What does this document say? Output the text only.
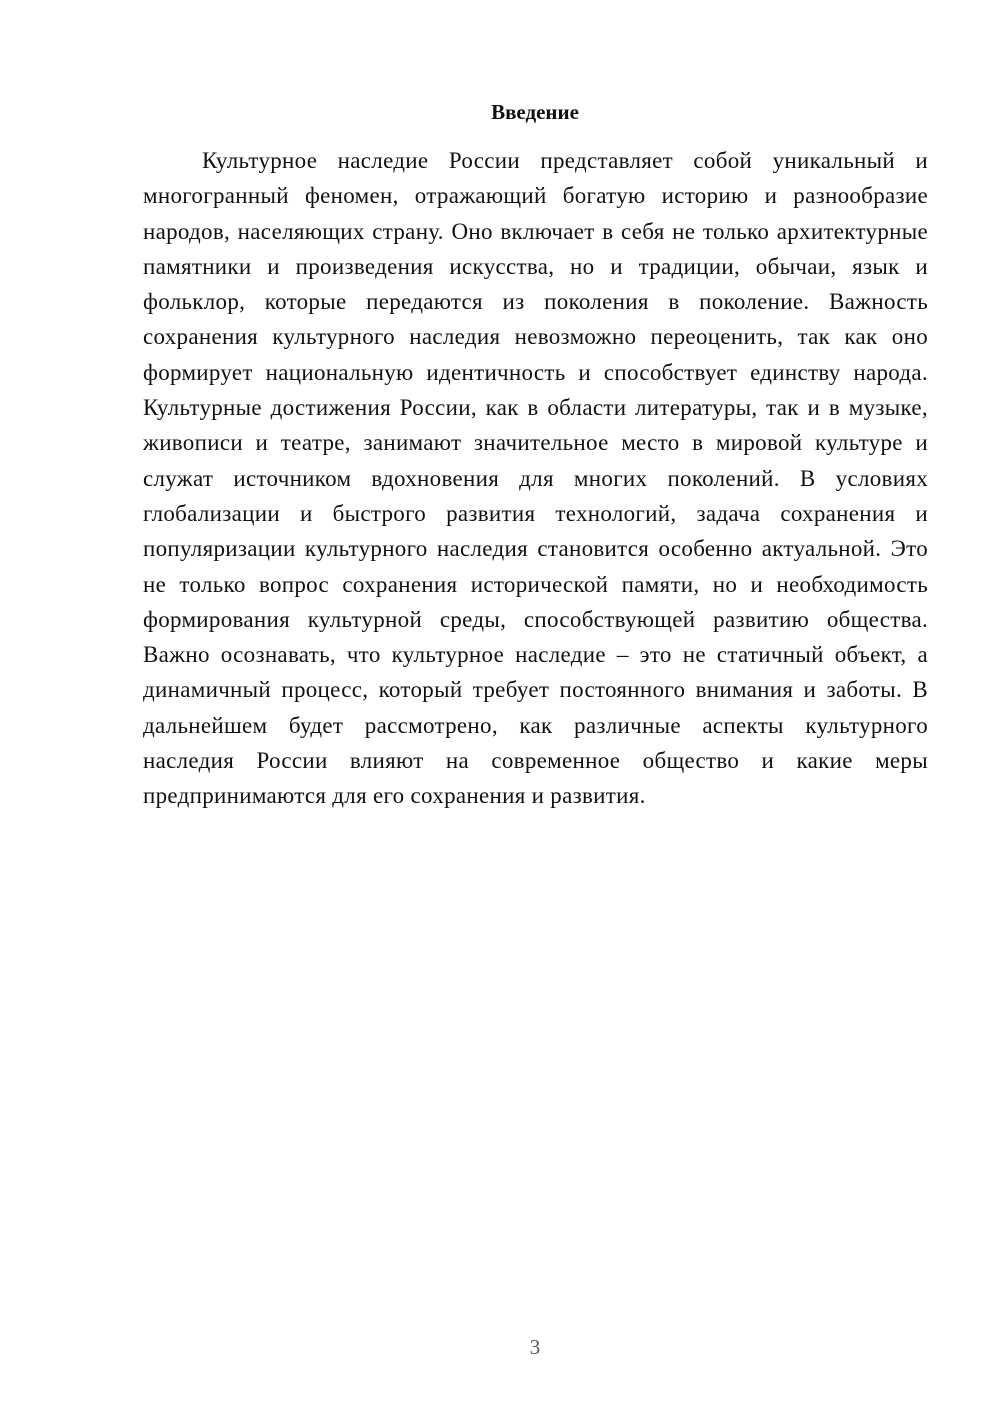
Введение

Культурное наследие России представляет собой уникальный и многогранный феномен, отражающий богатую историю и разнообразие народов, населяющих страну. Оно включает в себя не только архитектурные памятники и произведения искусства, но и традиции, обычаи, язык и фольклор, которые передаются из поколения в поколение. Важность сохранения культурного наследия невозможно переоценить, так как оно формирует национальную идентичность и способствует единству народа. Культурные достижения России, как в области литературы, так и в музыке, живописи и театре, занимают значительное место в мировой культуре и служат источником вдохновения для многих поколений. В условиях глобализации и быстрого развития технологий, задача сохранения и популяризации культурного наследия становится особенно актуальной. Это не только вопрос сохранения исторической памяти, но и необходимость формирования культурной среды, способствующей развитию общества. Важно осознавать, что культурное наследие – это не статичный объект, а динамичный процесс, который требует постоянного внимания и заботы. В дальнейшем будет рассмотрено, как различные аспекты культурного наследия России влияют на современное общество и какие меры предпринимаются для его сохранения и развития.

3
